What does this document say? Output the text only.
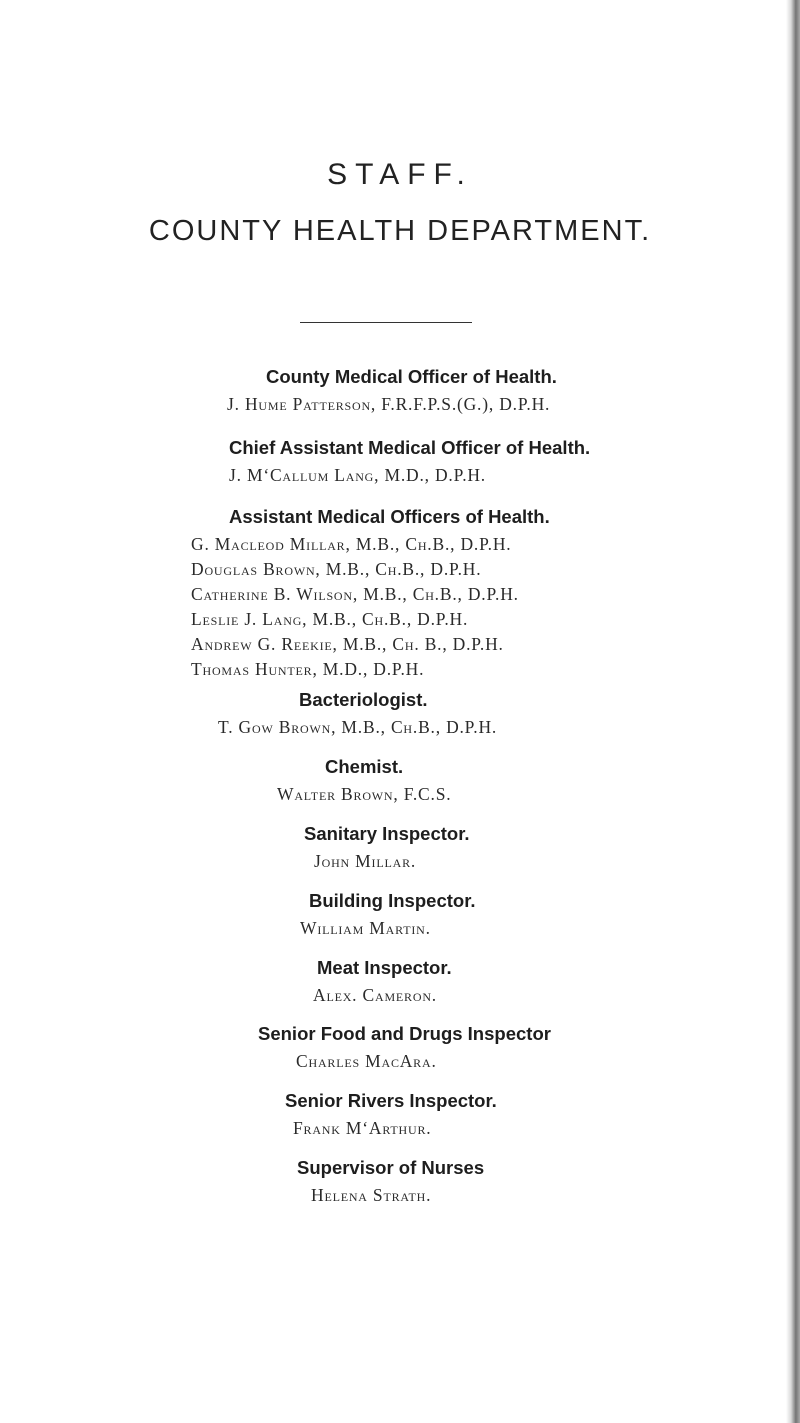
STAFF.
COUNTY HEALTH DEPARTMENT.
County Medical Officer of Health.
J. Hume Patterson, F.R.F.P.S.(G.), D.P.H.
Chief Assistant Medical Officer of Health.
J. M‘Callum Lang, M.D., D.P.H.
Assistant Medical Officers of Health.
G. Macleod Millar, M.B., Ch.B., D.P.H.
Douglas Brown, M.B., Ch.B., D.P.H.
Catherine B. Wilson, M.B., Ch.B., D.P.H.
Leslie J. Lang, M.B., Ch.B., D.P.H.
Andrew G. Reekie, M.B., Ch. B., D.P.H.
Thomas Hunter, M.D., D.P.H.
Bacteriologist.
T. Gow Brown, M.B., Ch.B., D.P.H.
Chemist.
Walter Brown, F.C.S.
Sanitary Inspector.
John Millar.
Building Inspector.
William Martin.
Meat Inspector.
Alex. Cameron.
Senior Food and Drugs Inspector
Charles MacAra.
Senior Rivers Inspector.
Frank M‘Arthur.
Supervisor of Nurses
Helena Strath.
